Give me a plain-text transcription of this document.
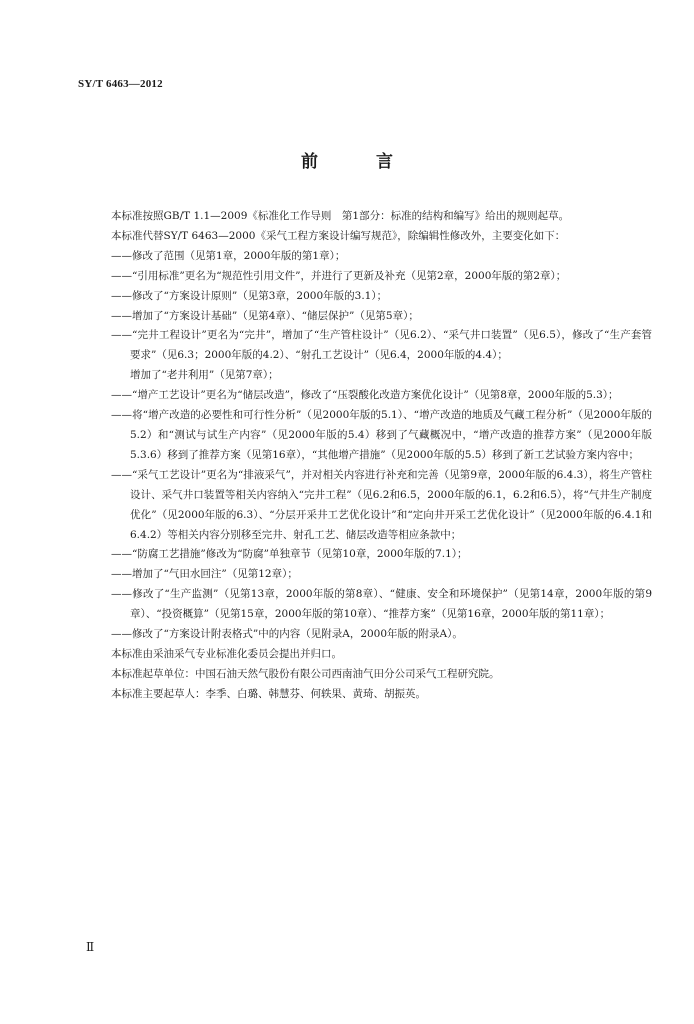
SY/T 6463—2012
前 言
本标准按照GB/T 1.1—2009《标准化工作导则　第1部分：标准的结构和编写》给出的规则起草。
本标准代替SY/T 6463—2000《采气工程方案设计编写规范》，除编辑性修改外，主要变化如下：
——修改了范围（见第1章，2000年版的第1章）；
——“引用标准”更名为“规范性引用文件”，并进行了更新及补充（见第2章，2000年版的第2章）；
——修改了“方案设计原则”（见第3章，2000年版的3.1）；
——增加了“方案设计基础”（见第4章）、“储层保护”（见第5章）；
——“完井工程设计”更名为“完井”，增加了“生产管柱设计”（见6.2）、“采气井口装置”（见6.5），修改了“生产套管要求”（见6.3；2000年版的4.2）、“射孔工艺设计”（见6.4，2000年版的4.4）；
增加了“老井利用”（见第7章）；
——“增产工艺设计”更名为“储层改造”，修改了“压裂酸化改造方案优化设计”（见第8章，2000年版的5.3）；
——将“增产改造的必要性和可行性分析”（见2000年版的5.1）、“增产改造的地质及气藏工程分析”（见2000年版的5.2）和“测试与试生产内容”（见2000年版的5.4）移到了气藏概况中，“增产改造的推荐方案”（见2000年版5.3.6）移到了推荐方案（见第16章），“其他增产措施”（见2000年版的5.5）移到了新工艺试验方案内容中；
——“采气工艺设计”更名为“排液采气”，并对相关内容进行补充和完善（见第9章，2000年版的6.4.3），将生产管柱设计、采气井口装置等相关内容纳入“完井工程”（见6.2和6.5，2000年版的6.1，6.2和6.5），将“气井生产制度优化”（见2000年版的6.3）、“分层开采井工艺优化设计”和“定向井开采工艺优化设计”（见2000年版的6.4.1和6.4.2）等相关内容分别移至完井、射孔工艺、储层改造等相应条款中；
——“防腐工艺措施”修改为“防腐”单独章节（见第10章，2000年版的7.1）；
——增加了“气田水回注”（见第12章）；
——修改了“生产监测”（见第13章，2000年版的第8章）、“健康、安全和环境保护”（见第14章，2000年版的第9章）、“投资概算”（见第15章，2000年版的第10章）、“推荐方案”（见第16章，2000年版的第11章）；
——修改了“方案设计附表格式”中的内容（见附录A，2000年版的附录A）。
本标准由采油采气专业标准化委员会提出并归口。
本标准起草单位：中国石油天然气股份有限公司西南油气田分公司采气工程研究院。
本标准主要起草人：李季、白璐、韩慧芬、何轶果、黄琦、胡振英。
Ⅱ
